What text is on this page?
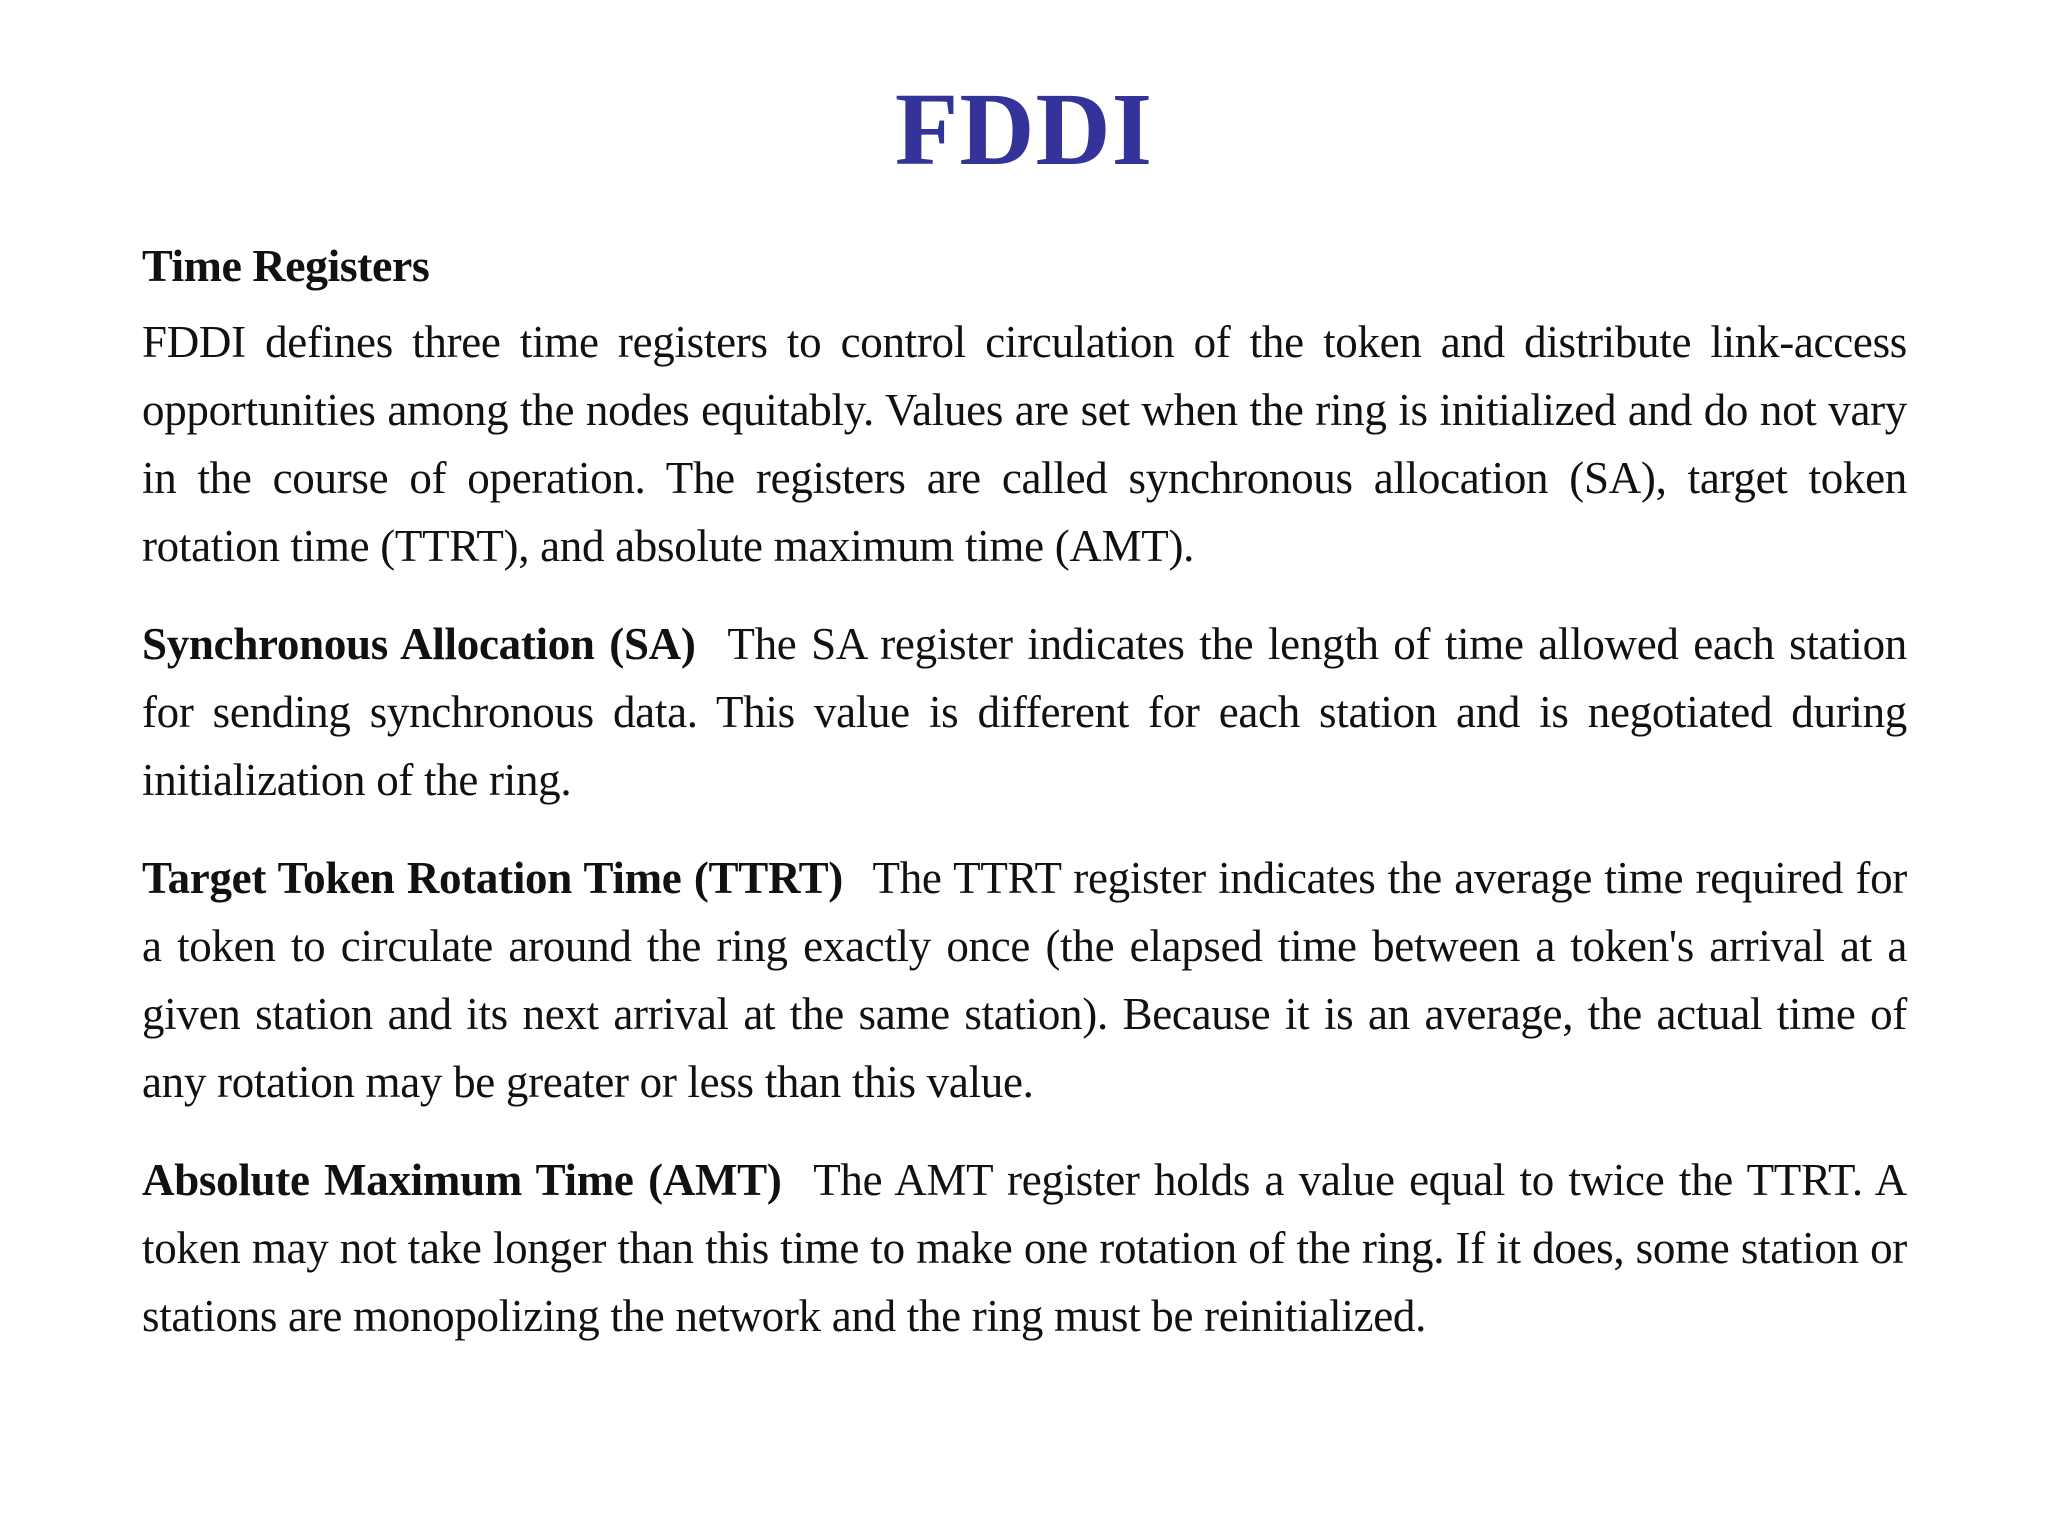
FDDI
Time Registers

FDDI defines three time registers to control circulation of the token and distribute link-access opportunities among the nodes equitably. Values are set when the ring is initialized and do not vary in the course of operation. The registers are called synchronous allocation (SA), target token rotation time (TTRT), and absolute maximum time (AMT).

Synchronous Allocation (SA) The SA register indicates the length of time allowed each station for sending synchronous data. This value is different for each station and is negotiated during initialization of the ring.

Target Token Rotation Time (TTRT) The TTRT register indicates the average time required for a token to circulate around the ring exactly once (the elapsed time between a token's arrival at a given station and its next arrival at the same station). Because it is an average, the actual time of any rotation may be greater or less than this value.

Absolute Maximum Time (AMT) The AMT register holds a value equal to twice the TTRT. A token may not take longer than this time to make one rotation of the ring. If it does, some station or stations are monopolizing the network and the ring must be reinitialized.
